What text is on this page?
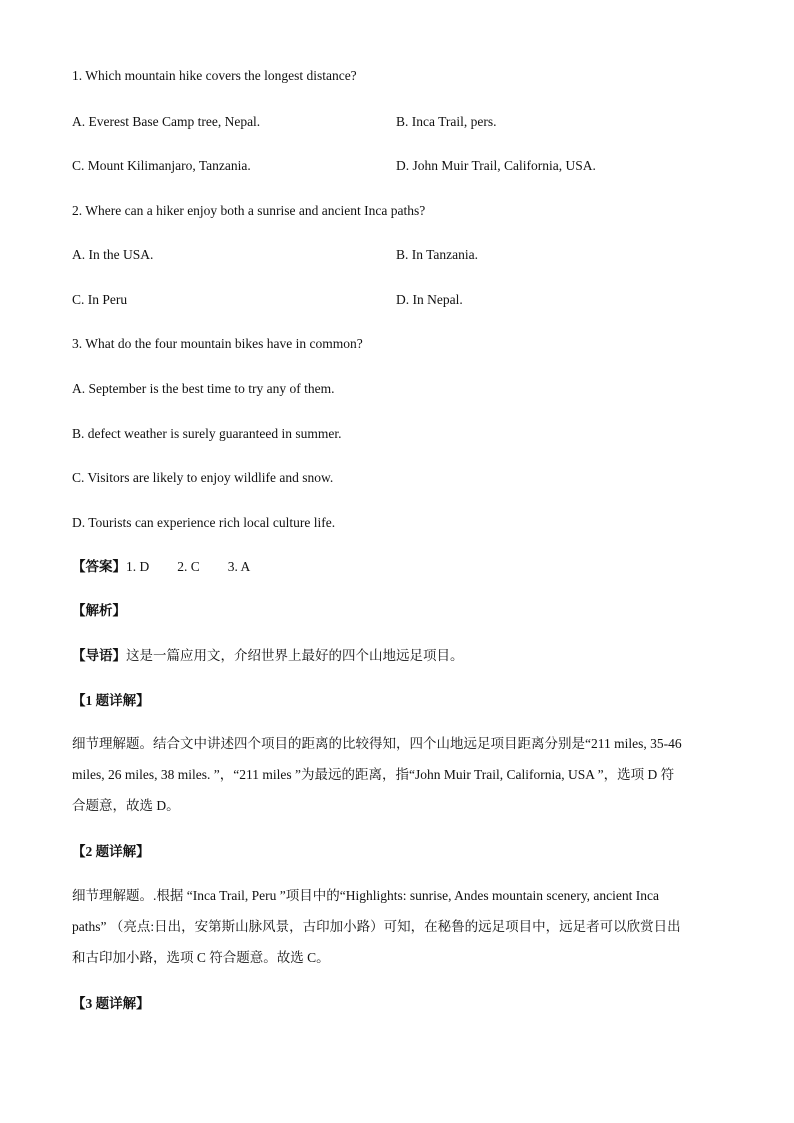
1. Which mountain hike covers the longest distance?
A. Everest Base Camp tree, Nepal.	B. Inca Trail, pers.
C. Mount Kilimanjaro, Tanzania.	D. John Muir Trail, California, USA.
2. Where can a hiker enjoy both a sunrise and ancient Inca paths?
A. In the USA.	B. In Tanzania.
C. In Peru	D. In Nepal.
3. What do the four mountain bikes have in common?
A. September is the best time to try any of them.
B. defect weather is surely guaranteed in summer.
C. Visitors are likely to enjoy wildlife and snow.
D. Tourists can experience rich local culture life.
【答案】1. D 2. C 3. A
【解析】
【导语】这是一篇应用文，介绍世界上最好的四个山地远足项目。
【1 题详解】
细节理解题。结合文中讲述四个项目的距离的比较得知，四个山地远足项目距离分别是“211 miles, 35-46
miles, 26 miles, 38 miles. ”，“211 miles ”为最远的距离，指“John Muir Trail, California, USA ”，选项 D 符
合题意，故选 D。
【2 题详解】
细节理解题。.根据 “Inca Trail, Peru ”项目中的“Highlights: sunrise, Andes mountain scenery, ancient Inca
paths” （亮点:日出，安第斯山脉风景，古印加小路）可知，在秘鲁的远足项目中，远足者可以欣赏日出
和古印加小路，选项 C 符合题意。故选 C。
【3 题详解】
